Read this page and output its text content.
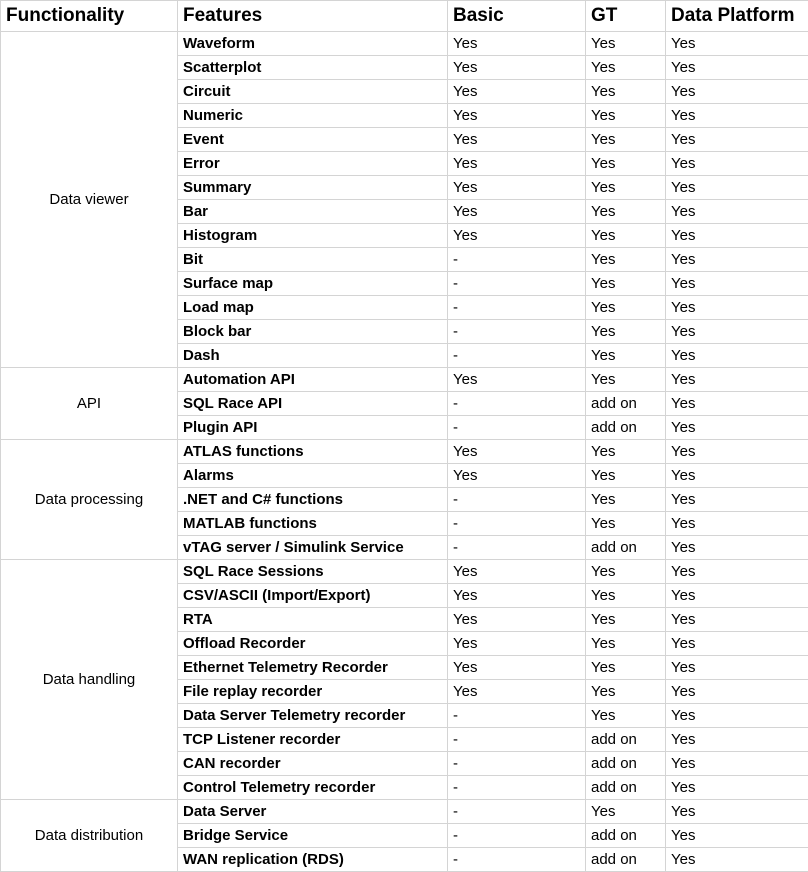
Functionality	Features	Basic	GT	Data Platform
Data viewer	Waveform	Yes	Yes	Yes
	Scatterplot	Yes	Yes	Yes
	Circuit	Yes	Yes	Yes
	Numeric	Yes	Yes	Yes
	Event	Yes	Yes	Yes
	Error	Yes	Yes	Yes
	Summary	Yes	Yes	Yes
	Bar	Yes	Yes	Yes
	Histogram	Yes	Yes	Yes
	Bit	-	Yes	Yes
	Surface map	-	Yes	Yes
	Load map	-	Yes	Yes
	Block bar	-	Yes	Yes
	Dash	-	Yes	Yes
API	Automation API	Yes	Yes	Yes
	SQL Race API	-	add on	Yes
	Plugin API	-	add on	Yes
Data processing	ATLAS functions	Yes	Yes	Yes
	Alarms	Yes	Yes	Yes
	.NET and C# functions	-	Yes	Yes
	MATLAB functions	-	Yes	Yes
	vTAG server / Simulink Service	-	add on	Yes
Data handling	SQL Race Sessions	Yes	Yes	Yes
	CSV/ASCII (Import/Export)	Yes	Yes	Yes
	RTA	Yes	Yes	Yes
	Offload Recorder	Yes	Yes	Yes
	Ethernet Telemetry Recorder	Yes	Yes	Yes
	File replay recorder	Yes	Yes	Yes
	Data Server Telemetry recorder	-	Yes	Yes
	TCP Listener recorder	-	add on	Yes
	CAN recorder	-	add on	Yes
	Control Telemetry recorder	-	add on	Yes
Data distribution	Data Server	-	Yes	Yes
	Bridge Service	-	add on	Yes
	WAN replication (RDS)	-	add on	Yes
